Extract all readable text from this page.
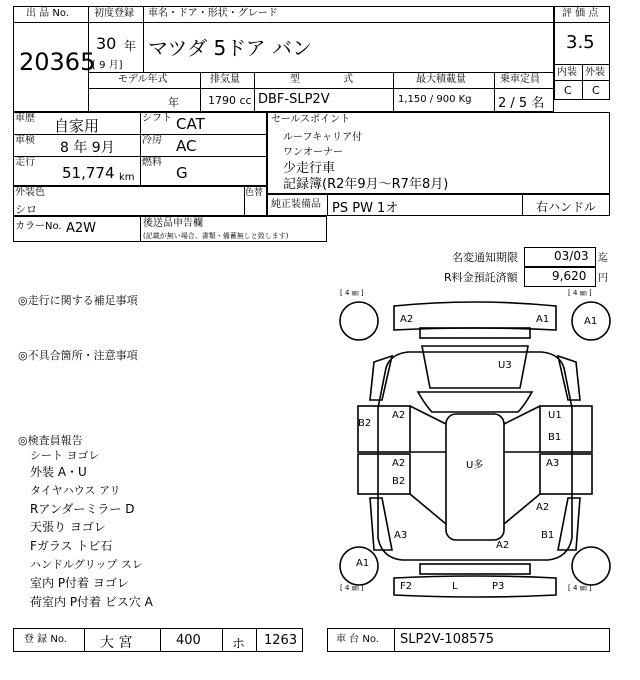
出 品 No.
20365
初度登録 車名・ドア・形状・グレード
30 年
[ 9 月]
マツダ 5ドア バン
モデル年式	排気量	型 式	最大積載量	乗車定員
年	1790 cc DBF-SLP2V	1,150 / 900 Kg 2 / 5 名
評 価 点
3.5
内装 外装
C C
車歴 自家用	シフト CAT
車検 8 年 9月	冷房 AC
走行
51,774 km
燃料
G
外装色
シロ
色替
カラーNo. A2W	後送品申告欄
(記載が無い場合、書類・備蓄無しと致します)
セールスポイント
ルーフキャリア付
ワンオーナー
少走行車
記録簿(R2年9月～R7年8月)
純正装備品 PS PW 1オ	右ハンドル
名変通知期限	03/03 迄
R料金預託済額	9,620 円
◎走行に関する補足事項
◎不具合箇所・注意事項
◎検査員報告
シート ヨゴレ
外装 A・U
タイヤハウス アリ
Rアンダーミラー D
天張り ヨゴレ
Fガラス トビ石
ハンドルグリップ スレ
室内 P付着 ヨゴレ
荷室内 P付着 ビス穴 A
[ 4 ㎜ ]	[ 4 ㎜ ]
[ 4 ㎜ ]	[ 4 ㎜ ]
A2	A1	A1
U3
B2
A2	U1
B1
A2
B2
U多	A3
A2
B1
A3
A2
A1
F2	L	P3
登 録 No. 大 宮	400 ホ 1263	車 台 No. SLP2V-108575
